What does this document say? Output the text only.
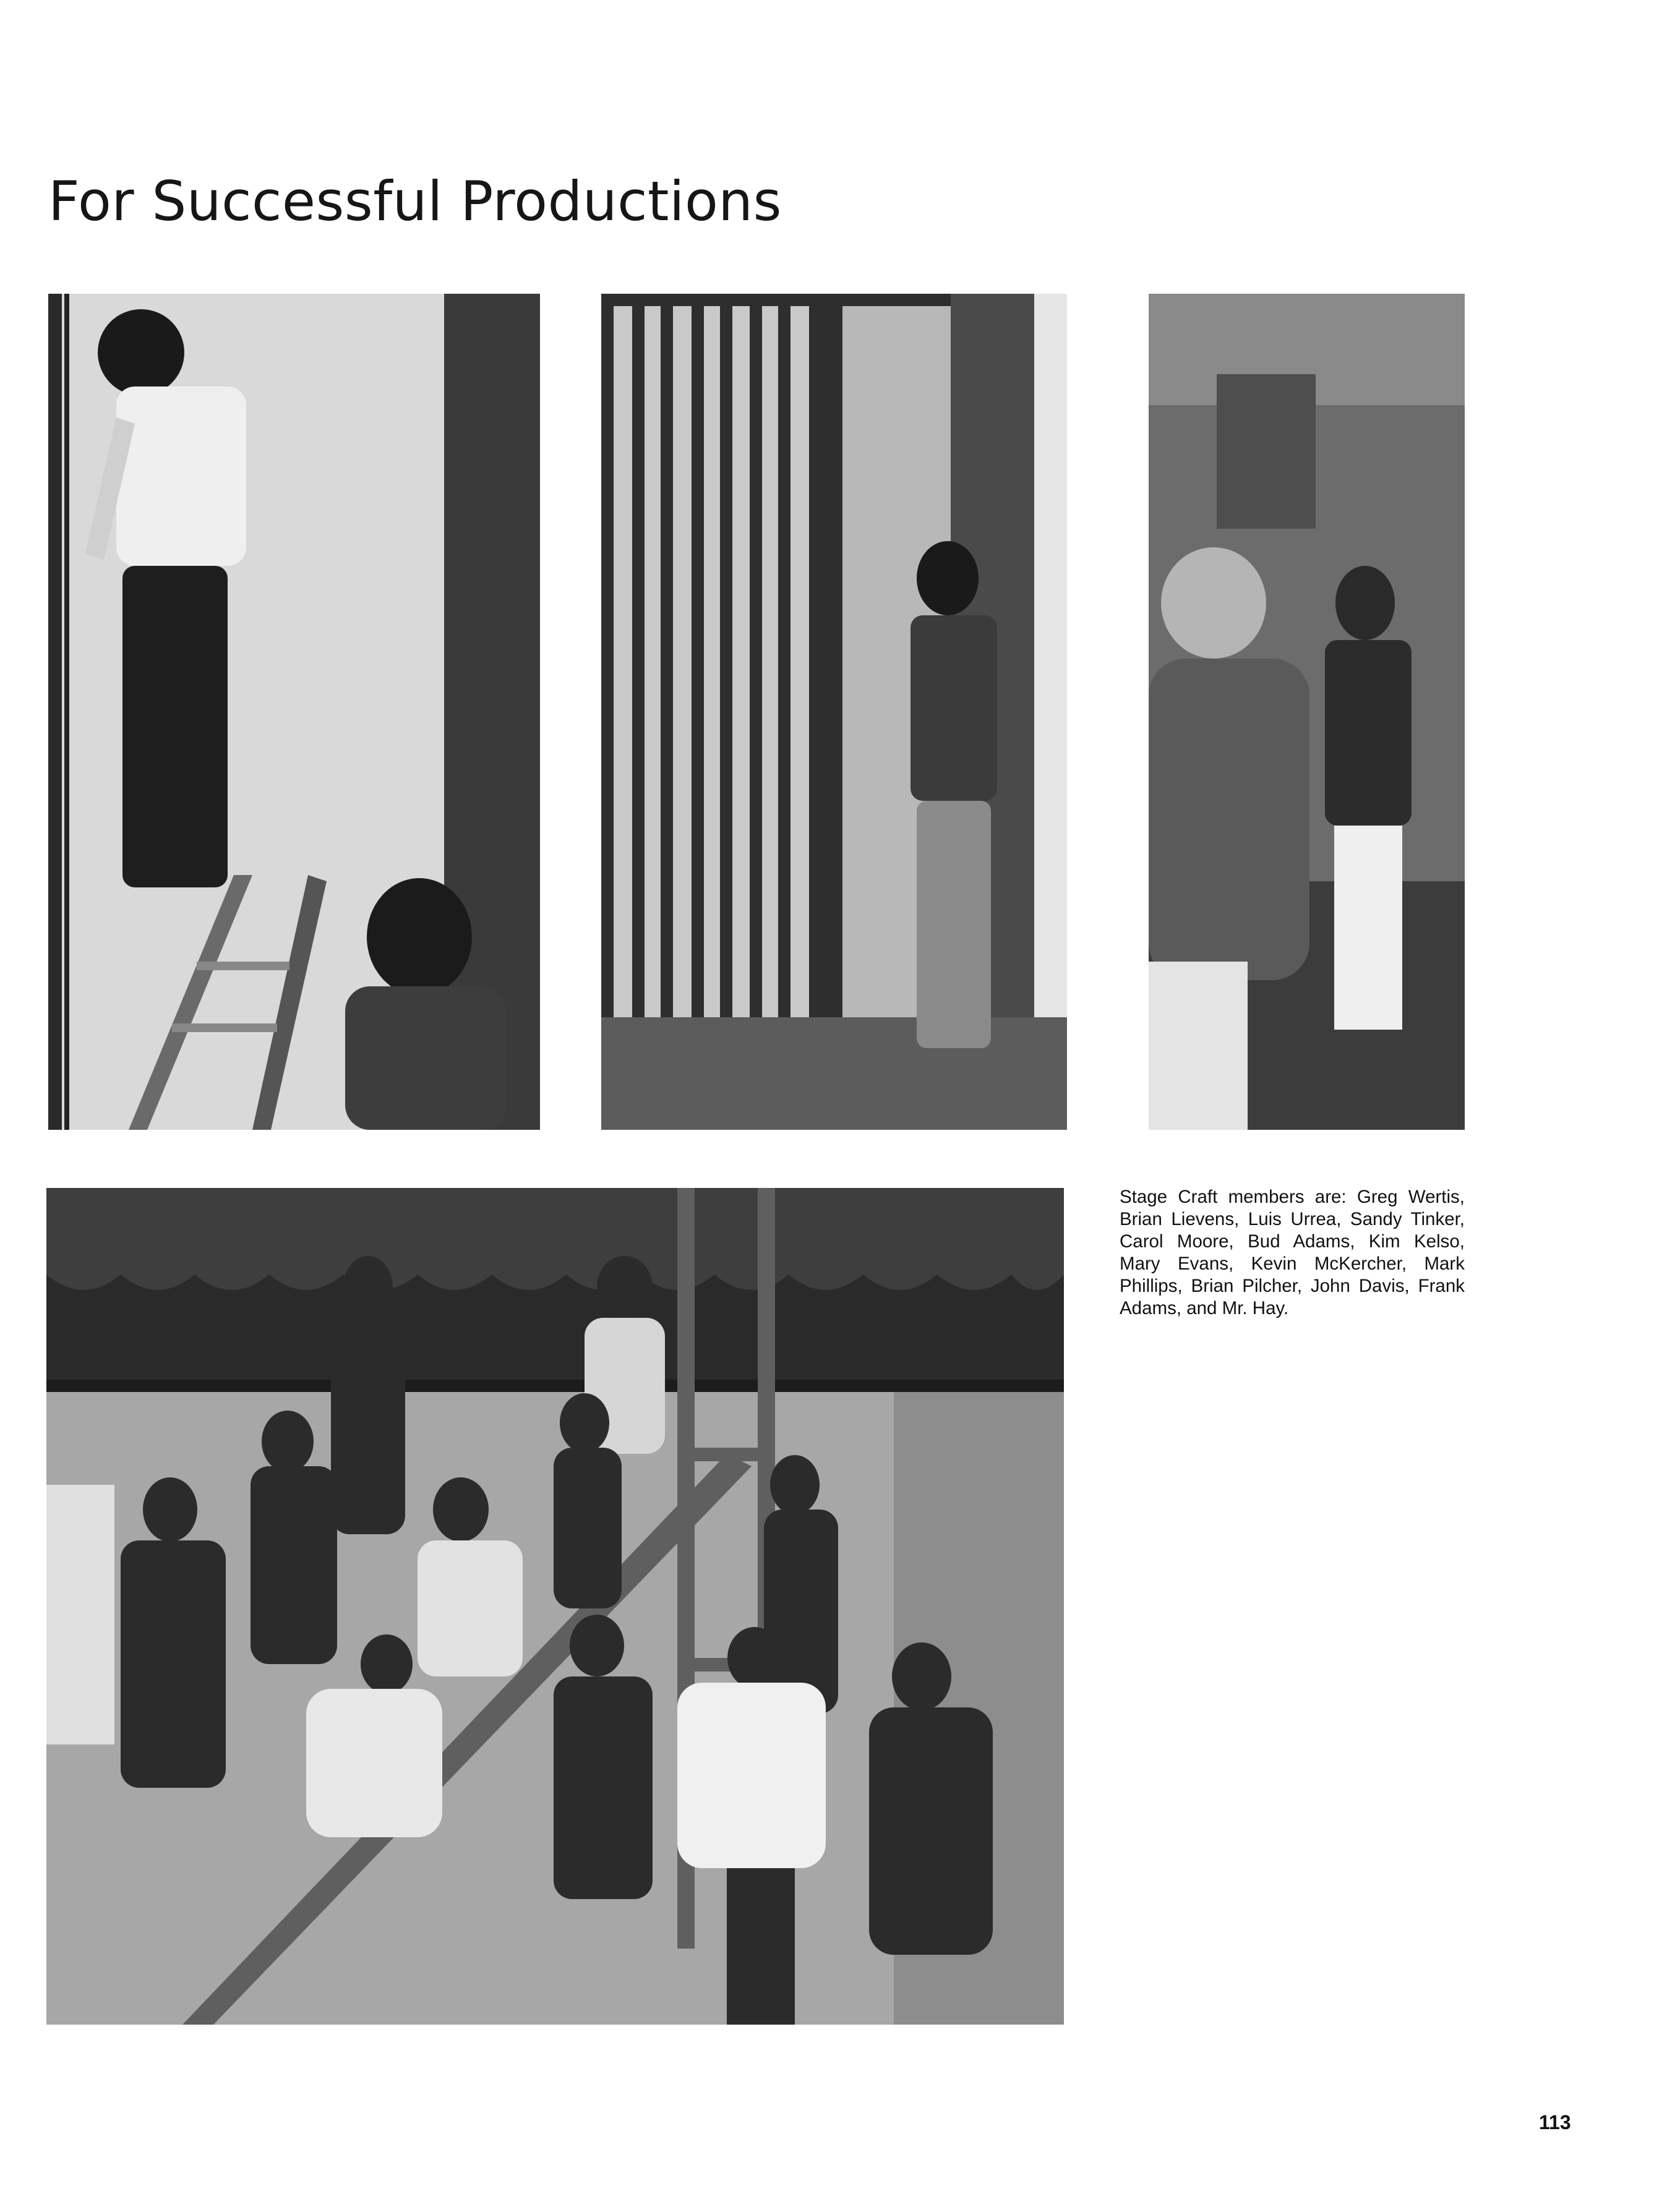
For Successful Productions

Stage Craft members are: Greg Wertis, Brian Lievens, Luis Urrea, Sandy Tinker, Carol Moore, Bud Adams, Kim Kelso, Mary Evans, Kevin McKercher, Mark Phillips, Brian Pilcher, John Davis, Frank Adams, and Mr. Hay.

113
